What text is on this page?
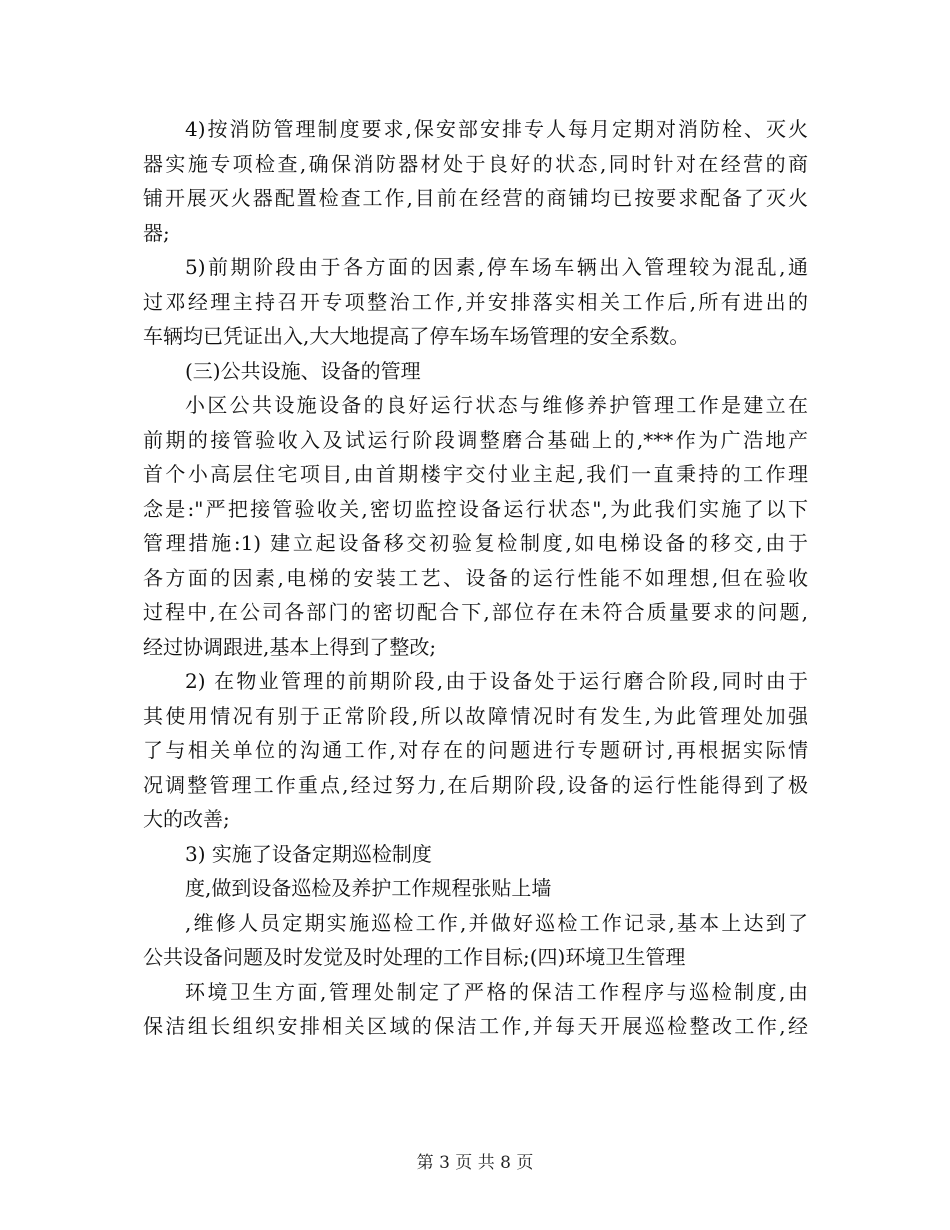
4)按消防管理制度要求,保安部安排专人每月定期对消防栓、灭火
器实施专项检查,确保消防器材处于良好的状态,同时针对在经营的商
铺开展灭火器配置检查工作,目前在经营的商铺均已按要求配备了灭火
器;
5)前期阶段由于各方面的因素,停车场车辆出入管理较为混乱,通
过邓经理主持召开专项整治工作,并安排落实相关工作后,所有进出的
车辆均已凭证出入,大大地提高了停车场车场管理的安全系数。
(三)公共设施、设备的管理
小区公共设施设备的良好运行状态与维修养护管理工作是建立在
前期的接管验收入及试运行阶段调整磨合基础上的,***作为广浩地产
首个小高层住宅项目,由首期楼宇交付业主起,我们一直秉持的工作理
念是:"严把接管验收关,密切监控设备运行状态",为此我们实施了以下
管理措施:1) 建立起设备移交初验复检制度,如电梯设备的移交,由于
各方面的因素,电梯的安装工艺、设备的运行性能不如理想,但在验收
过程中,在公司各部门的密切配合下,部位存在未符合质量要求的问题,
经过协调跟进,基本上得到了整改;
2) 在物业管理的前期阶段,由于设备处于运行磨合阶段,同时由于
其使用情况有别于正常阶段,所以故障情况时有发生,为此管理处加强
了与相关单位的沟通工作,对存在的问题进行专题研讨,再根据实际情
况调整管理工作重点,经过努力,在后期阶段,设备的运行性能得到了极
大的改善;
3) 实施了设备定期巡检制度
度,做到设备巡检及养护工作规程张贴上墙
,维修人员定期实施巡检工作,并做好巡检工作记录,基本上达到了
公共设备问题及时发觉及时处理的工作目标;(四)环境卫生管理
环境卫生方面,管理处制定了严格的保洁工作程序与巡检制度,由
保洁组长组织安排相关区域的保洁工作,并每天开展巡检整改工作,经
第 3 页 共 8 页
